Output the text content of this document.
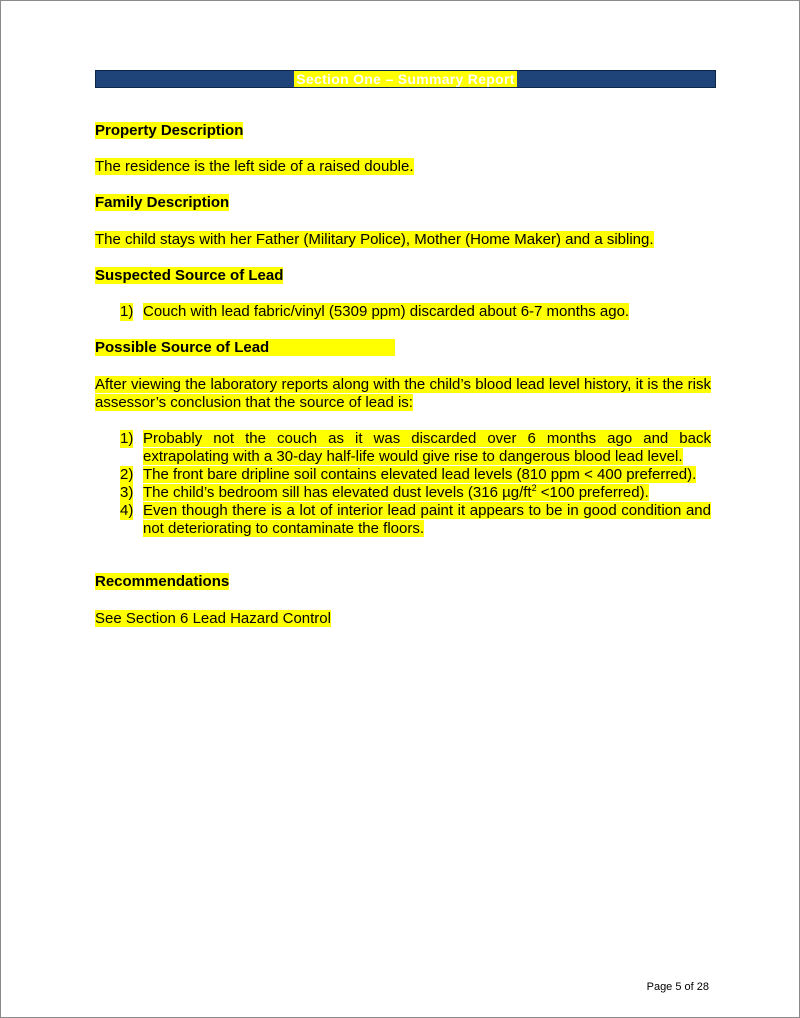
Section One – Summary Report
Property Description
The residence is the left side of a raised double.
Family Description
The child stays with her Father (Military Police), Mother (Home Maker) and a sibling.
Suspected Source of Lead
1) Couch with lead fabric/vinyl (5309 ppm) discarded about 6-7 months ago.
Possible Source of Lead
After viewing the laboratory reports along with the child’s blood lead level history, it is the risk assessor’s conclusion that the source of lead is:
1) Probably not the couch as it was discarded over 6 months ago and back extrapolating with a 30-day half-life would give rise to dangerous blood lead level.
2) The front bare dripline soil contains elevated lead levels (810 ppm < 400 preferred).
3) The child’s bedroom sill has elevated dust levels (316 $\mu g/ft^2 <100$ preferred).
4) Even though there is a lot of interior lead paint it appears to be in good condition and not deteriorating to contaminate the floors.
Recommendations
See Section 6 Lead Hazard Control
Page 5 of 28
